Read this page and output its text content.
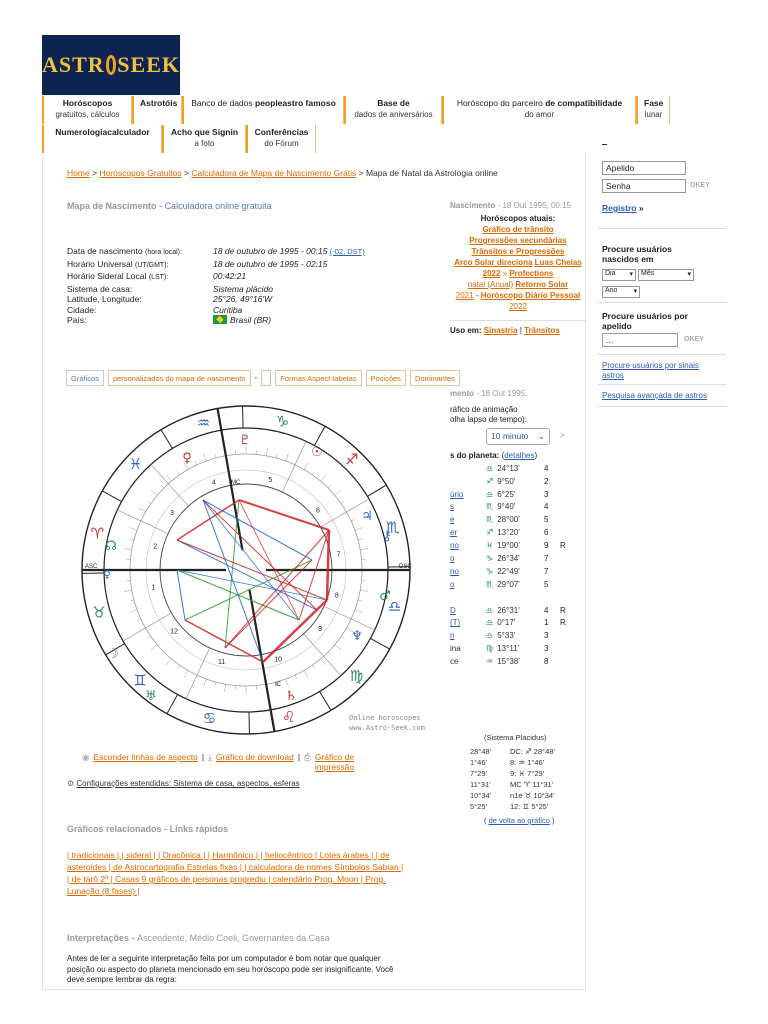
ASTR SEEK
Horóscopos
gratuitos, cálculos
Astrotóis	Banco de dados peopleastro famoso	Base de
dados de aniversários
Horóscopo do parceiro de compatibilidade
do amor
Fase
lunar
Numerologiacalculador	Acho que Signin
a foto
Conferências
do Fórum
Home > Horóscopos Gratuitos > Calculadora de Mapa de Nascimento Grátis > Mapa de Natal da Astrologia online
Mapa de Nascimento - Calculadora online gratuita
Data de nascimento (hora local):	18 de outubro de 1995 - 00:15 (-02, DST)
Horário Universal (UT/GMT):	18 de outubro de 1995 - 02:15
Horário Sideral Local (LST):	00:42:21
Sistema de casa:	Sistema plácido
Latitude, Longitude:	25°26, 49°16'W
Cidade:	Curitiba
País:	Brasil (BR)
Nascimento - 18 Out 1995, 00:15
Horóscopos atuais:
Gráfico de trânsito
Progressões secundárias
Trânsitos e Progressões
Arco Solar direciona Luas Cheias 2022 » Profections
natal (Anual) Retorno Solar
2021 - Horóscopo Diário Pessoal 2022
Uso em: Sinastria | Trânsitos
Gráficos	personalizados do mapa de nascimento	-	Formas Aspect tabelas	Posições	Dominantes
♈
♉
♊
♋	♌
♍
♎
♏
♐
♑
♒
♓
1
2
3
4	5
6
7
8
9
10
11
12
ASC	DSC
MC
IC
☉
☽
☿
♀
♂
♃
♄
♅
♆
♇
☊
⚷
Online horoscopes
www.Astro-Seek.com
mento - 18 Out 1995,
ráfico de animação
olha lapso de tempo):
10 minuto ⌄ >
s do planeta: (detalhes)
♎ 24°13'	4
♐ 9°50'	2
úrio	♎ 6°25'	3
s	♏ 9°40'	4
e	♏ 28°00'	5
er	♐ 13°20'	6
no	♓ 19°00'	9	R
o	♑ 26°34'	7
no	♑ 22°49'	7
o	♏ 29°07'	5
D	♎ 26°31'	4	R
(T)	♎ 0°17'	1	R
n	♎ 5°33'	3
ina	♍ 13°11'	3
ce	♒ 15°38'	8
(Sistema Placidus)
28°48'	DC: ♐ 28°48'
1°46'	8: ♒ 1°46'
7°29'	9: ♓ 7°29'
11°31'	MC ♈ 11°31'
10°34'	n1e ♉ 10°34'
5°25'	12: ♊ 5°25'
( de volta ao gráfico )
◉ Esconder linhas de aspecto | ⤓ Gráfico de download | ⎙ Gráfico de impressão
⚙ Configurações estendidas: Sistema de casa, aspectos, esferas
Gráficos relacionados - Links rápidos
| tradicionais | | sideral | | Dracônica | | Harmônico | | heliocêntrico | Lotes árabes | | de asteroides | de Astrocartografia Estrelas fixas | | calculadora de nomes Símbolos Sabian | | de tarô 2º | Casas 9 gráficos de personas progrediu | calendário Prog. Moon | Prog. Lunação (8 fases) |
Interpretações - Ascendente, Médio Coeli, Governantes da Casa
Antes de ler a seguinte interpretação feita por um computador é bom notar que qualquer posição ou aspecto do planeta mencionado em seu horóscopo pode ser insignificante. Você deve sempre lembrar da regra:
Apelido
Senha	OKEY
Registro »
Procure usuários nascidos em
Dia ▾ Mês	▾
Ano ▾
Procure usuários por apelido
...	OKEY
Procure usuários por sinais astros
Pesquisa avançada de astros
